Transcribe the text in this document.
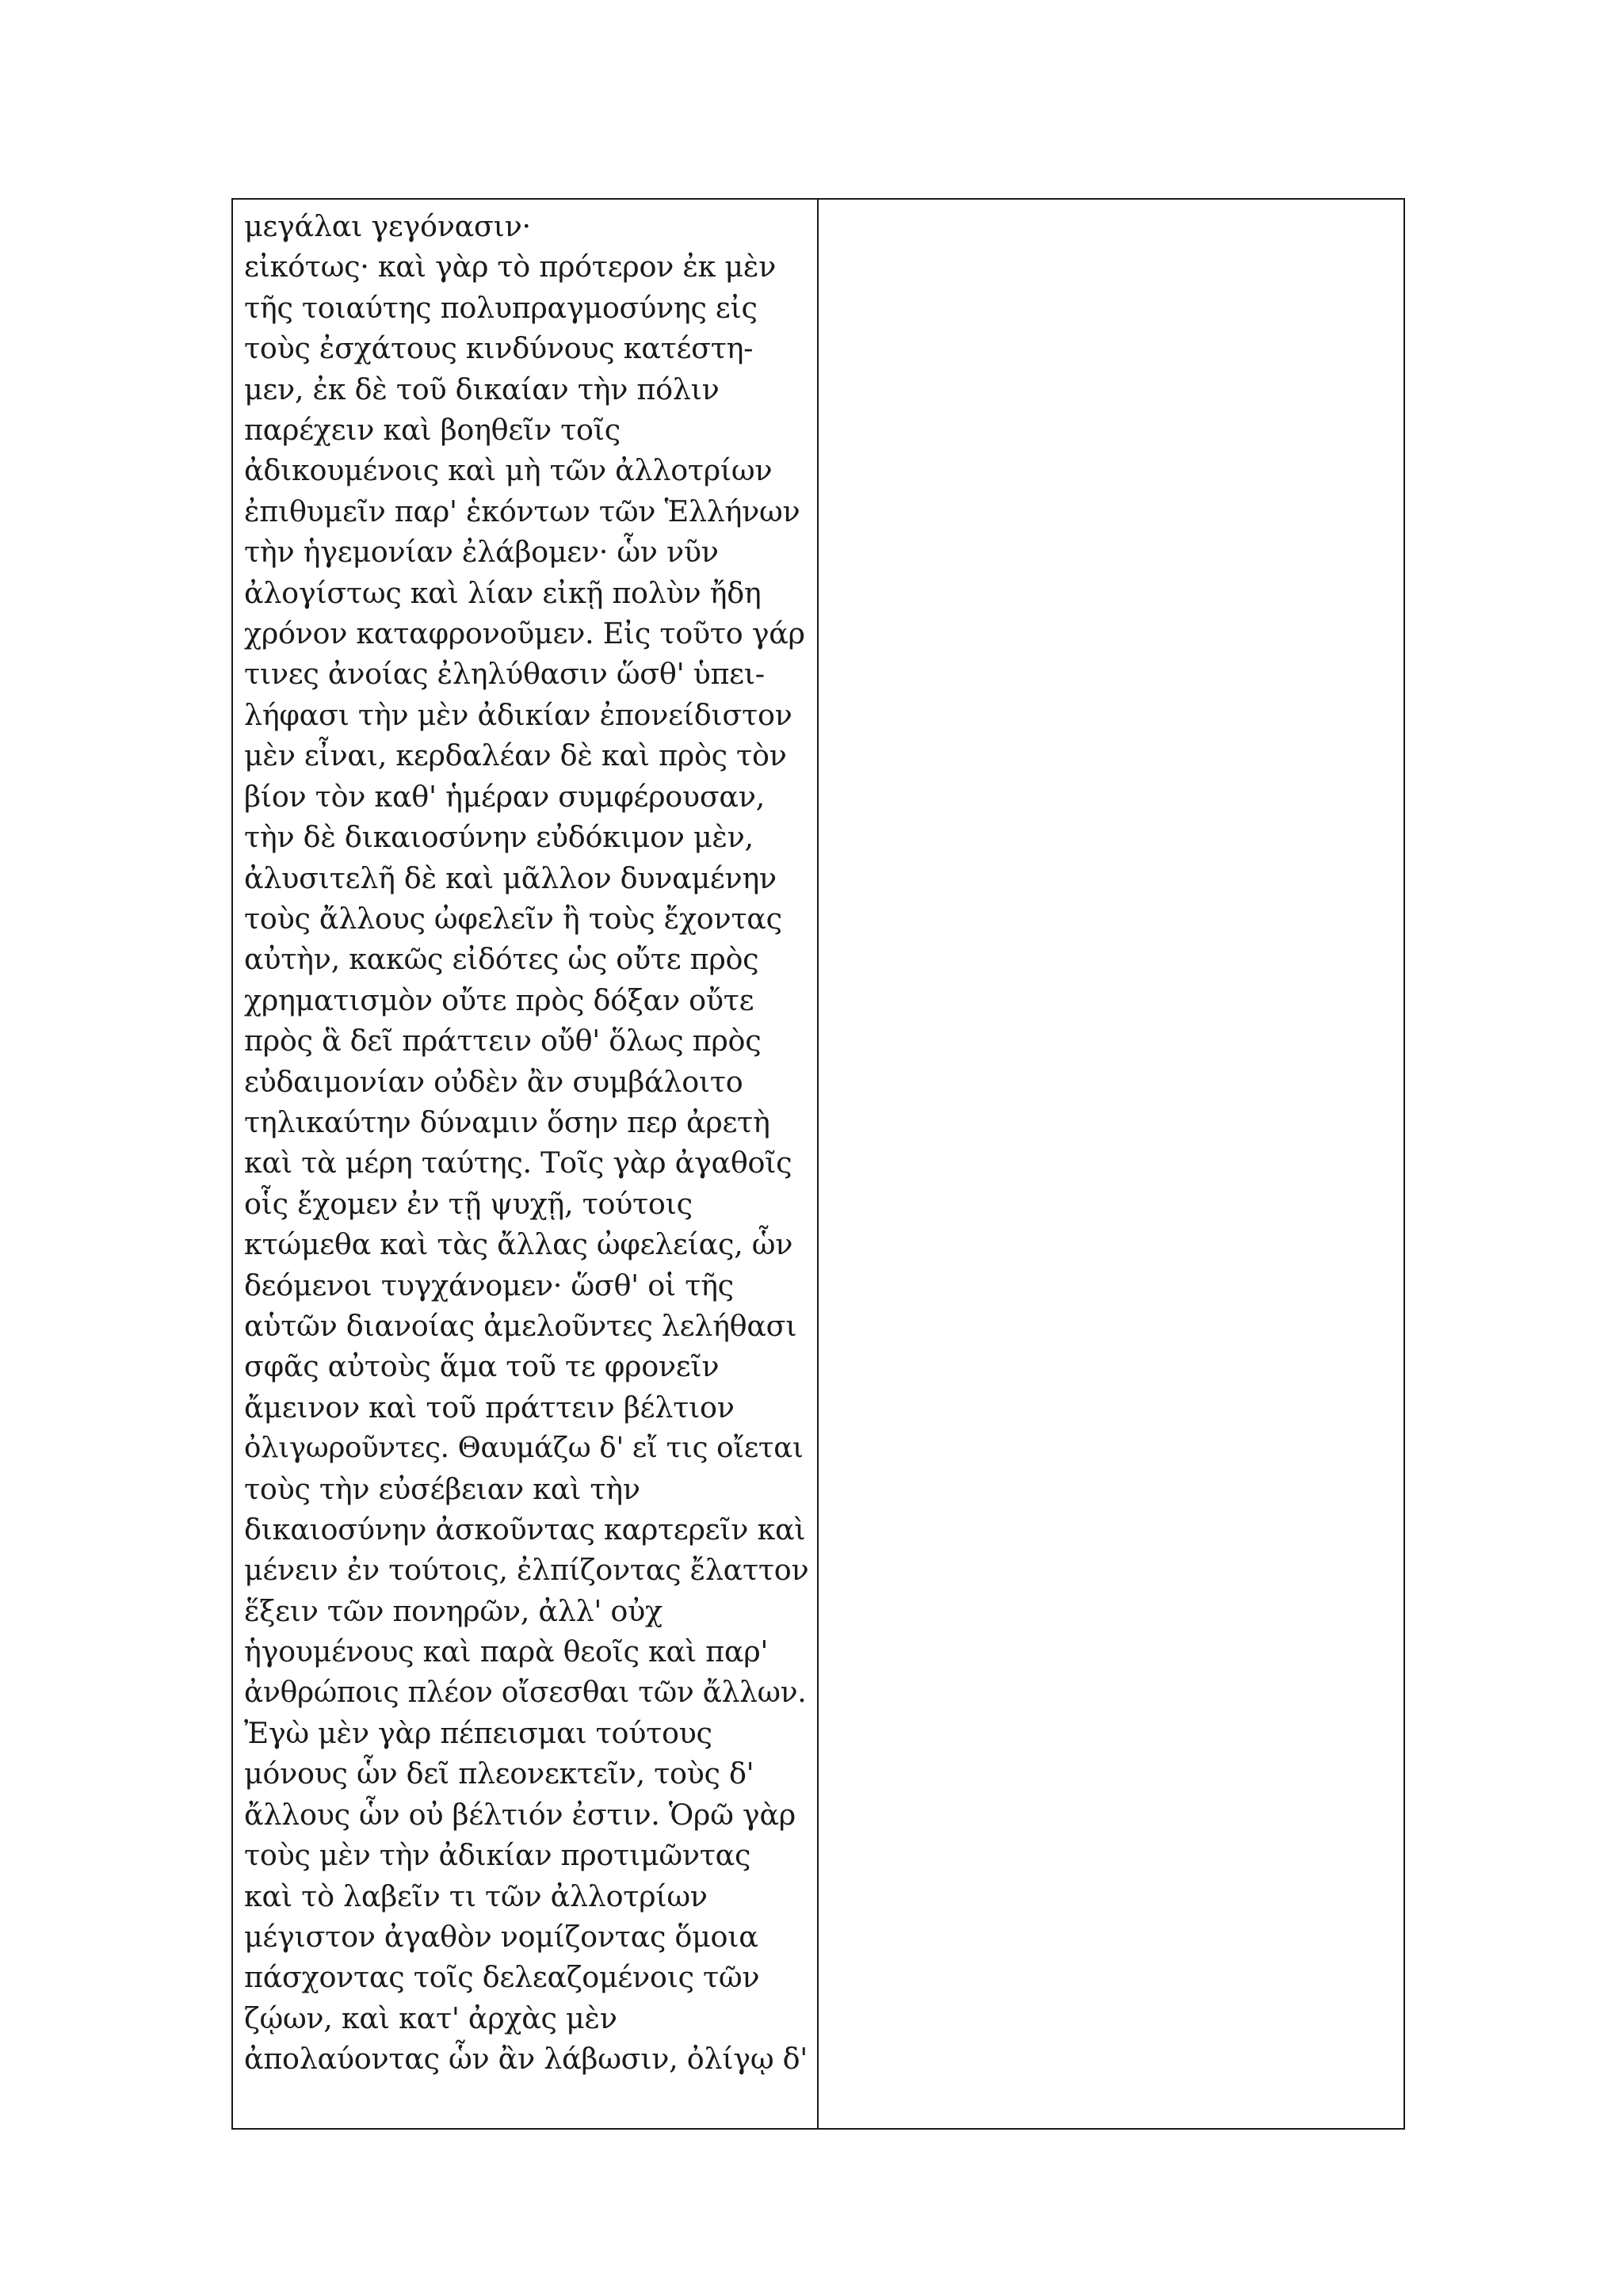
μεγάλαι γεγόνασιν·
εἰκότως· καὶ γὰρ τὸ πρότερον ἐκ μὲν
τῆς τοιαύτης πολυπραγμοσύνης εἰς
τοὺς ἐσχάτους κινδύνους κατέστη-
μεν, ἐκ δὲ τοῦ δικαίαν τὴν πόλιν
παρέχειν καὶ βοηθεῖν τοῖς
ἀδικουμένοις καὶ μὴ τῶν ἀλλοτρίων
ἐπιθυμεῖν παρ' ἑκόντων τῶν Ἑλλήνων
τὴν ἡγεμονίαν ἐλάβομεν· ὧν νῦν
ἀλογίστως καὶ λίαν εἰκῇ πολὺν ἤδη
χρόνον καταφρονοῦμεν. Εἰς τοῦτο γάρ
τινες ἀνοίας ἐληλύθασιν ὥσθ' ὑπει-
λήφασι τὴν μὲν ἀδικίαν ἐπονείδιστον
μὲν εἶναι, κερδαλέαν δὲ καὶ πρὸς τὸν
βίον τὸν καθ' ἡμέραν συμφέρουσαν,
τὴν δὲ δικαιοσύνην εὐδόκιμον μὲν,
ἀλυσιτελῆ δὲ καὶ μᾶλλον δυναμένην
τοὺς ἄλλους ὠφελεῖν ἢ τοὺς ἔχοντας
αὐτὴν, κακῶς εἰδότες ὡς οὔτε πρὸς
χρηματισμὸν οὔτε πρὸς δόξαν οὔτε
πρὸς ἃ δεῖ πράττειν οὔθ' ὅλως πρὸς
εὐδαιμονίαν οὐδὲν ἂν συμβάλοιτο
τηλικαύτην δύναμιν ὅσην περ ἀρετὴ
καὶ τὰ μέρη ταύτης. Τοῖς γὰρ ἀγαθοῖς
οἷς ἔχομεν ἐν τῇ ψυχῇ, τούτοις
κτώμεθα καὶ τὰς ἄλλας ὠφελείας, ὧν
δεόμενοι τυγχάνομεν· ὥσθ' οἱ τῆς
αὑτῶν διανοίας ἀμελοῦντες λελήθασι
σφᾶς αὐτοὺς ἅμα τοῦ τε φρονεῖν
ἄμεινον καὶ τοῦ πράττειν βέλτιον
ὀλιγωροῦντες. Θαυμάζω δ' εἴ τις οἴεται
τοὺς τὴν εὐσέβειαν καὶ τὴν
δικαιοσύνην ἀσκοῦντας καρτερεῖν καὶ
μένειν ἐν τούτοις, ἐλπίζοντας ἔλαττον
ἕξειν τῶν πονηρῶν, ἀλλ' οὐχ
ἡγουμένους καὶ παρὰ θεοῖς καὶ παρ'
ἀνθρώποις πλέον οἴσεσθαι τῶν ἄλλων.
Ἐγὼ μὲν γὰρ πέπεισμαι τούτους
μόνους ὧν δεῖ πλεονεκτεῖν, τοὺς δ'
ἄλλους ὧν οὐ βέλτιόν ἐστιν. Ὁρῶ γὰρ
τοὺς μὲν τὴν ἀδικίαν προτιμῶντας
καὶ τὸ λαβεῖν τι τῶν ἀλλοτρίων
μέγιστον ἀγαθὸν νομίζοντας ὅμοια
πάσχοντας τοῖς δελεαζομένοις τῶν
ζῴων, καὶ κατ' ἀρχὰς μὲν
ἀπολαύοντας ὧν ἂν λάβωσιν, ὀλίγῳ δ'
